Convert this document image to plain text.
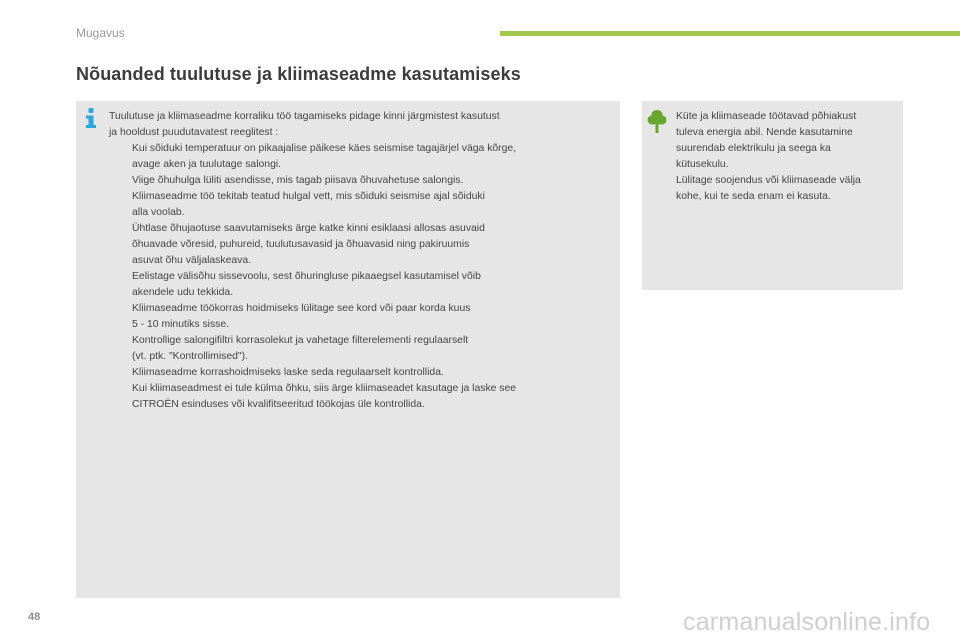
Mugavus
Nõuanded tuulutuse ja kliimaseadme kasutamiseks

Tuulutuse ja kliimaseadme korraliku töö tagamiseks pidage kinni järgmistest kasutust
ja hooldust puudutavatest reeglitest :

Kui sõiduki temperatuur on pikaajalise päikese käes seismise tagajärjel väga kõrge,
avage aken ja tuulutage salongi.
Viige õhuhulga lüliti asendisse, mis tagab piisava õhuvahetuse salongis.
Kliimaseadme töö tekitab teatud hulgal vett, mis sõiduki seismise ajal sõiduki
alla voolab.
Ühtlase õhujaotuse saavutamiseks ärge katke kinni esiklaasi allosas asuvaid
õhuavade võresid, puhureid, tuulutusavasid ja õhuavasid ning pakiruumis
asuvat õhu väljalaskeava.
Eelistage välisõhu sissevoolu, sest õhuringluse pikaaegsel kasutamisel võib
akendele udu tekkida.
Kliimaseadme töökorras hoidmiseks lülitage see kord või paar korda kuus
5 - 10 minutiks sisse.
Kontrollige salongifiltri korrasolekut ja vahetage filterelementi regulaarselt
(vt. ptk. "Kontrollimised").
Kliimaseadme korrashoidmiseks laske seda regulaarselt kontrollida.
Kui kliimaseadmest ei tule külma õhku, siis ärge kliimaseadet kasutage ja laske see
CITROËN esinduses või kvalifitseeritud töökojas üle kontrollida.
Küte ja kliimaseade töötavad põhiakust
tuleva energia abil. Nende kasutamine
suurendab elektrikulu ja seega ka
kütusekulu.
Lülitage soojendus või kliimaseade välja
kohe, kui te seda enam ei kasuta.
48	carmanualsonline.info
